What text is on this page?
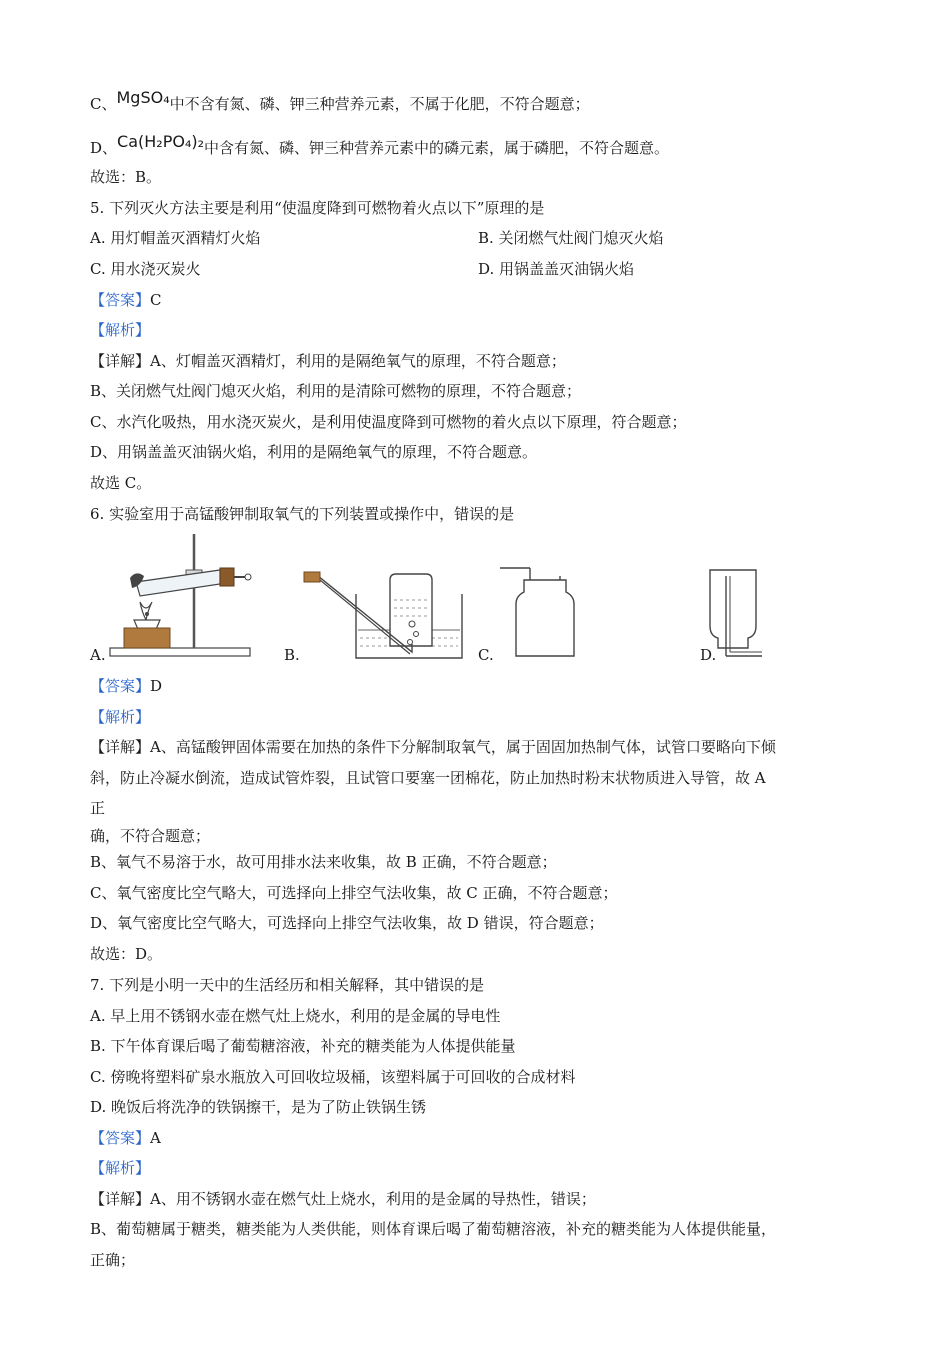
C、MgSO₄中不含有氮、磷、钾三种营养元素，不属于化肥，不符合题意；
D、Ca(H₂PO₄)₂中含有氮、磷、钾三种营养元素中的磷元素，属于磷肥，不符合题意。
故选：B。
5. 下列灭火方法主要是利用“使温度降到可燃物着火点以下”原理的是
A. 用灯帽盖灭酒精灯火焰	B. 关闭燃气灶阀门熄灭火焰
C. 用水浇灭炭火	D. 用锅盖盖灭油锅火焰
【答案】C
【解析】
【详解】A、灯帽盖灭酒精灯，利用的是隔绝氧气的原理，不符合题意；
B、关闭燃气灶阀门熄灭火焰，利用的是清除可燃物的原理，不符合题意；
C、水汽化吸热，用水浇灭炭火，是利用使温度降到可燃物的着火点以下原理，符合题意；
D、用锅盖盖灭油锅火焰，利用的是隔绝氧气的原理，不符合题意。
故选 C。
6. 实验室用于高锰酸钾制取氧气的下列装置或操作中，错误的是
A.	B.	C.	D.
【答案】D
【解析】
【详解】A、高锰酸钾固体需要在加热的条件下分解制取氧气，属于固固加热制气体，试管口要略向下倾
斜，防止冷凝水倒流，造成试管炸裂，且试管口要塞一团棉花，防止加热时粉末状物质进入导管，故 A
正
确，不符合题意；
B、氧气不易溶于水，故可用排水法来收集，故 B 正确，不符合题意；
C、氧气密度比空气略大，可选择向上排空气法收集，故 C 正确，不符合题意；
D、氧气密度比空气略大，可选择向上排空气法收集，故 D 错误，符合题意；
故选：D。
7. 下列是小明一天中的生活经历和相关解释，其中错误的是
A. 早上用不锈钢水壶在燃气灶上烧水，利用的是金属的导电性
B. 下午体育课后喝了葡萄糖溶液，补充的糖类能为人体提供能量
C. 傍晚将塑料矿泉水瓶放入可回收垃圾桶，该塑料属于可回收的合成材料
D. 晚饭后将洗净的铁锅擦干，是为了防止铁锅生锈
【答案】A
【解析】
【详解】A、用不锈钢水壶在燃气灶上烧水，利用的是金属的导热性，错误；
B、葡萄糖属于糖类，糖类能为人类供能，则体育课后喝了葡萄糖溶液，补充的糖类能为人体提供能量，
正确；
